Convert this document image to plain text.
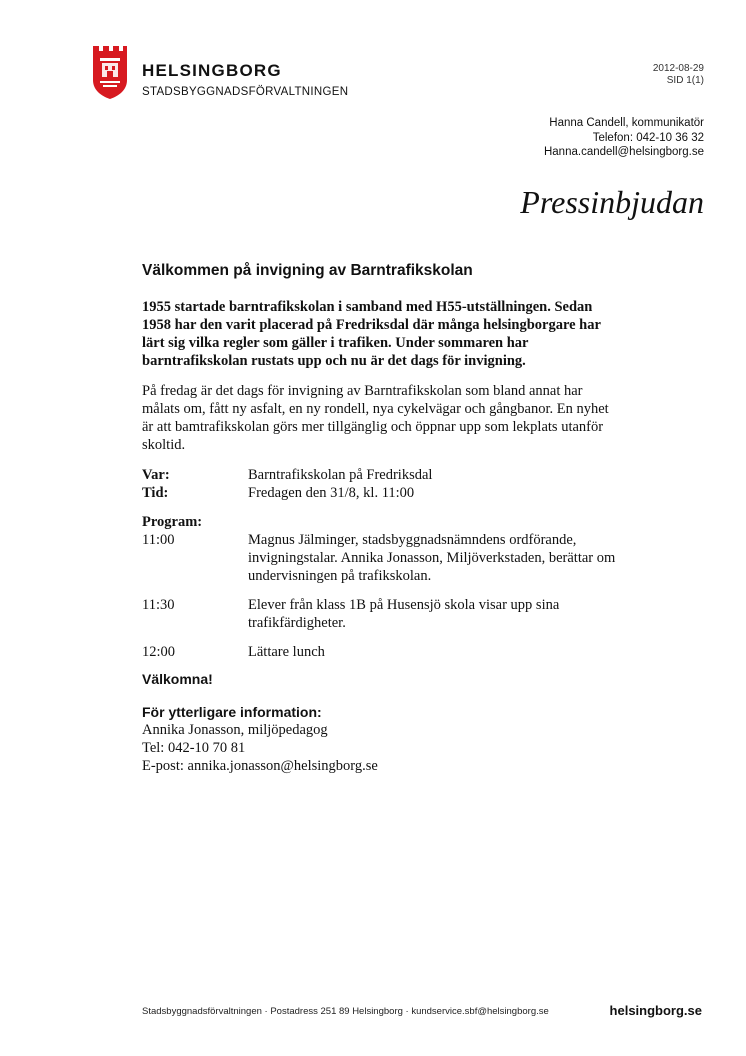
HELSINGBORG
STADSBYGGNADSFÖRVALTNINGEN
2012-08-29
SID 1(1)
Hanna Candell, kommunikatör
Telefon: 042-10 36 32
Hanna.candell@helsingborg.se
Pressinbjudan
Välkommen på invigning av Barntrafikskolan

1955 startade barntrafikskolan i samband med H55-utställningen. Sedan 1958 har den varit placerad på Fredriksdal där många helsingborgare har lärt sig vilka regler som gäller i trafiken. Under sommaren har barntrafikskolan rustats upp och nu är det dags för invigning.

På fredag är det dags för invigning av Barntrafikskolan som bland annat har målats om, fått ny asfalt, en ny rondell, nya cykelvägar och gångbanor. En nyhet är att bamtrafikskolan görs mer tillgänglig och öppnar upp som lekplats utanför skoltid.

Var:	Barntrafikskolan på Fredriksdal
Tid:	Fredagen den 31/8, kl. 11:00
Program:
11:00	Magnus Jälminger, stadsbyggnadsnämndens ordförande, invigningstalar. Annika Jonasson, Miljöverkstaden, berättar om undervisningen på trafikskolan.
11:30	Elever från klass 1B på Husensjö skola visar upp sina trafikfärdigheter.
12:00	Lättare lunch
Välkomna!
För ytterligare information:
Annika Jonasson, miljöpedagog
Tel: 042-10 70 81
E-post: annika.jonasson@helsingborg.se
Stadsbyggnadsförvaltningen · Postadress 251 89 Helsingborg · kundservice.sbf@helsingborg.se	helsingborg.se
